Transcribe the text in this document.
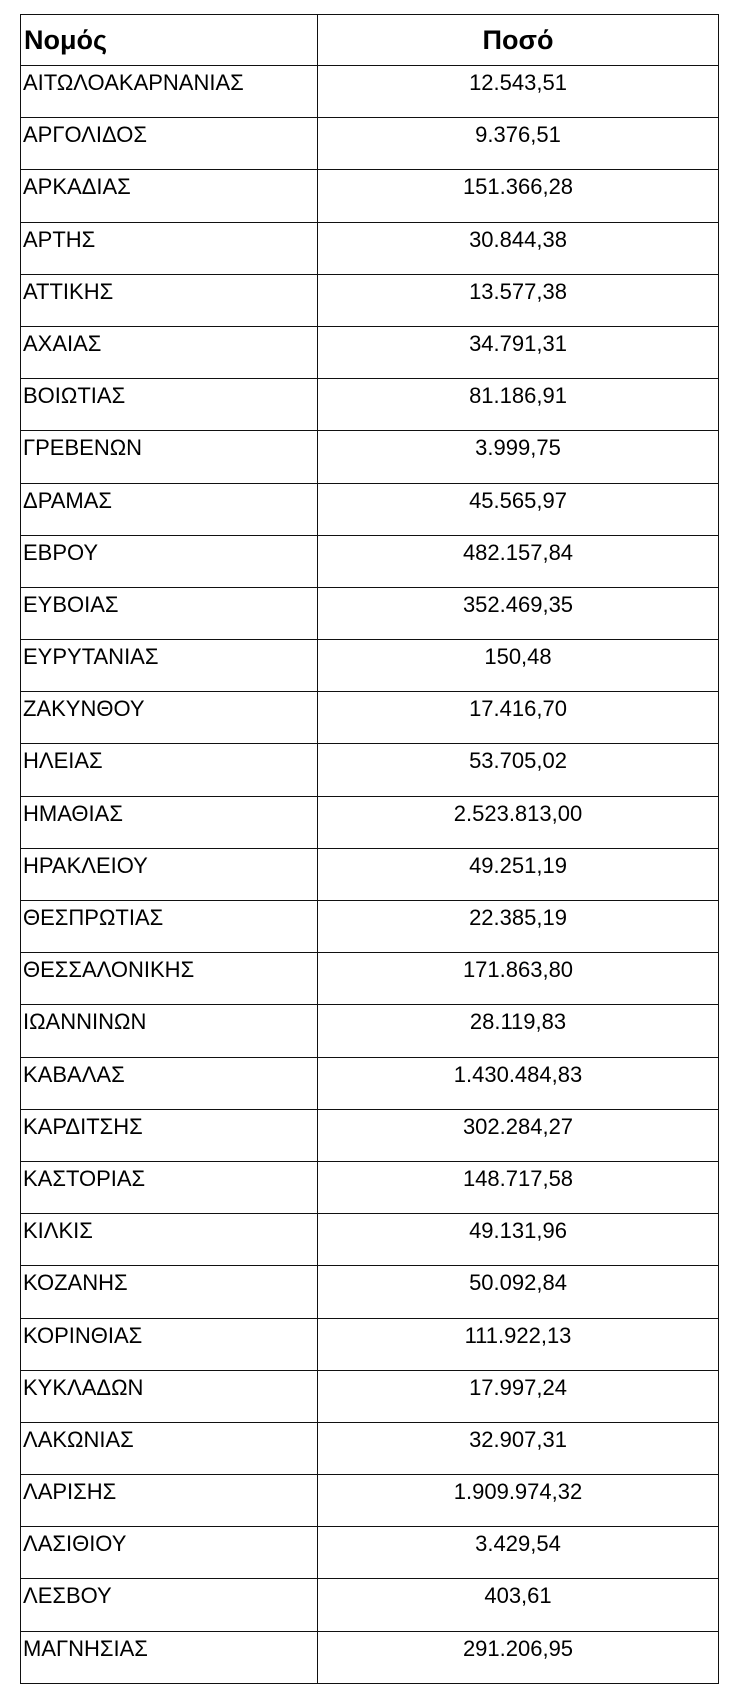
Νομός	Ποσό
ΑΙΤΩΛΟΑΚΑΡΝΑΝΙΑΣ	12.543,51
ΑΡΓΟΛΙΔΟΣ	9.376,51
ΑΡΚΑΔΙΑΣ	151.366,28
ΑΡΤΗΣ	30.844,38
ΑΤΤΙΚΗΣ	13.577,38
ΑΧΑΙΑΣ	34.791,31
ΒΟΙΩΤΙΑΣ	81.186,91
ΓΡΕΒΕΝΩΝ	3.999,75
ΔΡΑΜΑΣ	45.565,97
ΕΒΡΟΥ	482.157,84
ΕΥΒΟΙΑΣ	352.469,35
ΕΥΡΥΤΑΝΙΑΣ	150,48
ΖΑΚΥΝΘΟΥ	17.416,70
ΗΛΕΙΑΣ	53.705,02
ΗΜΑΘΙΑΣ	2.523.813,00
ΗΡΑΚΛΕΙΟΥ	49.251,19
ΘΕΣΠΡΩΤΙΑΣ	22.385,19
ΘΕΣΣΑΛΟΝΙΚΗΣ	171.863,80
ΙΩΑΝΝΙΝΩΝ	28.119,83
ΚΑΒΑΛΑΣ	1.430.484,83
ΚΑΡΔΙΤΣΗΣ	302.284,27
ΚΑΣΤΟΡΙΑΣ	148.717,58
ΚΙΛΚΙΣ	49.131,96
ΚΟΖΑΝΗΣ	50.092,84
ΚΟΡΙΝΘΙΑΣ	111.922,13
ΚΥΚΛΑΔΩΝ	17.997,24
ΛΑΚΩΝΙΑΣ	32.907,31
ΛΑΡΙΣΗΣ	1.909.974,32
ΛΑΣΙΘΙΟΥ	3.429,54
ΛΕΣΒΟΥ	403,61
ΜΑΓΝΗΣΙΑΣ	291.206,95
